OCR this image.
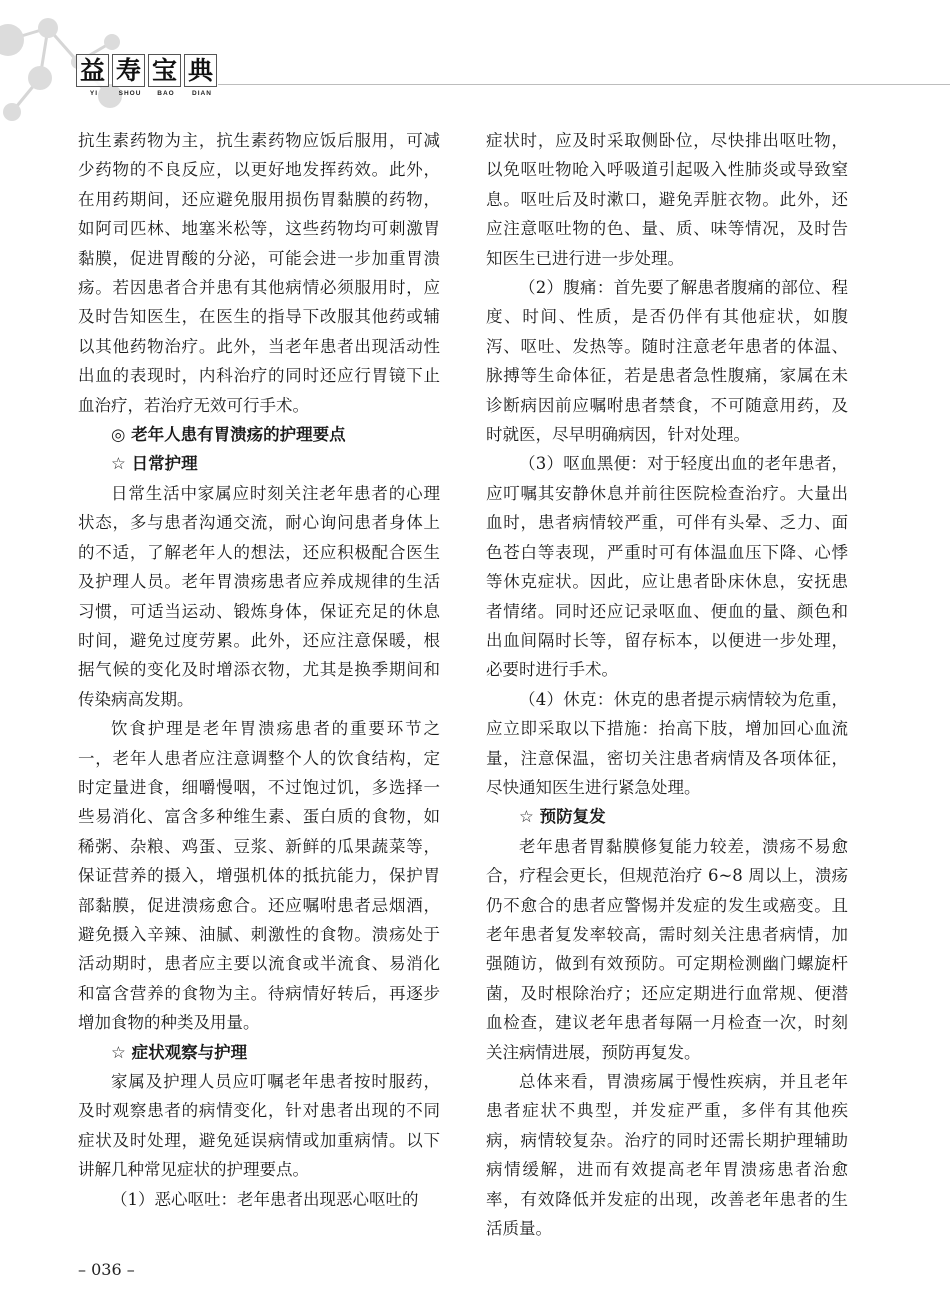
益 寿 宝 典
YI	SHOU	BAO	DIAN

抗生素药物为主，抗生素药物应饭后服用，可减少药物的不良反应，以更好地发挥药效。此外，在用药期间，还应避免服用损伤胃黏膜的药物，如阿司匹林、地塞米松等，这些药物均可刺激胃黏膜，促进胃酸的分泌，可能会进一步加重胃溃疡。若因患者合并患有其他病情必须服用时，应及时告知医生，在医生的指导下改服其他药或辅以其他药物治疗。此外，当老年患者出现活动性出血的表现时，内科治疗的同时还应行胃镜下止血治疗，若治疗无效可行手术。

◎ 老年人患有胃溃疡的护理要点
☆ 日常护理

日常生活中家属应时刻关注老年患者的心理状态，多与患者沟通交流，耐心询问患者身体上的不适，了解老年人的想法，还应积极配合医生及护理人员。老年胃溃疡患者应养成规律的生活习惯，可适当运动、锻炼身体，保证充足的休息时间，避免过度劳累。此外，还应注意保暖，根据气候的变化及时增添衣物，尤其是换季期间和传染病高发期。

饮食护理是老年胃溃疡患者的重要环节之一，老年人患者应注意调整个人的饮食结构，定时定量进食，细嚼慢咽，不过饱过饥，多选择一些易消化、富含多种维生素、蛋白质的食物，如稀粥、杂粮、鸡蛋、豆浆、新鲜的瓜果蔬菜等，保证营养的摄入，增强机体的抵抗能力，保护胃部黏膜，促进溃疡愈合。还应嘱咐患者忌烟酒，避免摄入辛辣、油腻、刺激性的食物。溃疡处于活动期时，患者应主要以流食或半流食、易消化和富含营养的食物为主。待病情好转后，再逐步增加食物的种类及用量。

☆ 症状观察与护理

家属及护理人员应叮嘱老年患者按时服药，及时观察患者的病情变化，针对患者出现的不同症状及时处理，避免延误病情或加重病情。以下讲解几种常见症状的护理要点。

（1）恶心呕吐：老年患者出现恶心呕吐的

症状时，应及时采取侧卧位，尽快排出呕吐物，以免呕吐物呛入呼吸道引起吸入性肺炎或导致窒息。呕吐后及时漱口，避免弄脏衣物。此外，还应注意呕吐物的色、量、质、味等情况，及时告知医生已进行进一步处理。

（2）腹痛：首先要了解患者腹痛的部位、程度、时间、性质，是否仍伴有其他症状，如腹泻、呕吐、发热等。随时注意老年患者的体温、脉搏等生命体征，若是患者急性腹痛，家属在未诊断病因前应嘱咐患者禁食，不可随意用药，及时就医，尽早明确病因，针对处理。

（3）呕血黑便：对于轻度出血的老年患者，应叮嘱其安静休息并前往医院检查治疗。大量出血时，患者病情较严重，可伴有头晕、乏力、面色苍白等表现，严重时可有体温血压下降、心悸等休克症状。因此，应让患者卧床休息，安抚患者情绪。同时还应记录呕血、便血的量、颜色和出血间隔时长等，留存标本，以便进一步处理，必要时进行手术。

（4）休克：休克的患者提示病情较为危重，应立即采取以下措施：抬高下肢，增加回心血流量，注意保温，密切关注患者病情及各项体征，尽快通知医生进行紧急处理。

☆ 预防复发

老年患者胃黏膜修复能力较差，溃疡不易愈合，疗程会更长，但规范治疗 6~8 周以上，溃疡仍不愈合的患者应警惕并发症的发生或癌变。且老年患者复发率较高，需时刻关注患者病情，加强随访，做到有效预防。可定期检测幽门螺旋杆菌，及时根除治疗；还应定期进行血常规、便潜血检查，建议老年患者每隔一月检查一次，时刻关注病情进展，预防再复发。

总体来看，胃溃疡属于慢性疾病，并且老年患者症状不典型，并发症严重，多伴有其他疾病，病情较复杂。治疗的同时还需长期护理辅助病情缓解，进而有效提高老年胃溃疡患者治愈率，有效降低并发症的出现，改善老年患者的生活质量。

– 036 –
